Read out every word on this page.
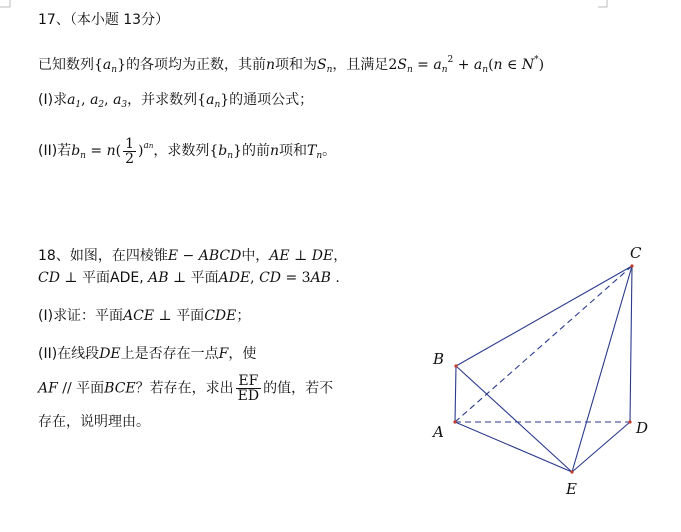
17、（本小题 13分）
已知数列$\{a_n\}$的各项均为正数，其前n项和为$S_n$，且满足$2S_n = a_n^2 + a_n(n$ ∈ N*)
(I)求$a_1$, $a_2$, $a_3$，并求数列$\{a_n\}$的通项公式；
(II)若$b_n = n( \frac{1}{2} )^{an}$，求数列$\{b_n\}$的前n项和$T_n$。
18、如图，在四棱锥E − ABCD中，AE ⊥ DE，
CD ⊥ 平面ADE, AB ⊥ 平面ADE, CD = 3AB .
(I)求证：平面ACE ⊥ 平面CDE；
(II)在线段DE上是否存在一点F，使
AF // 平面BCE？若存在，求出 $\frac{EF}{ED}$ 的值，若不
存在，说明理由。
A
B
C
D
E
